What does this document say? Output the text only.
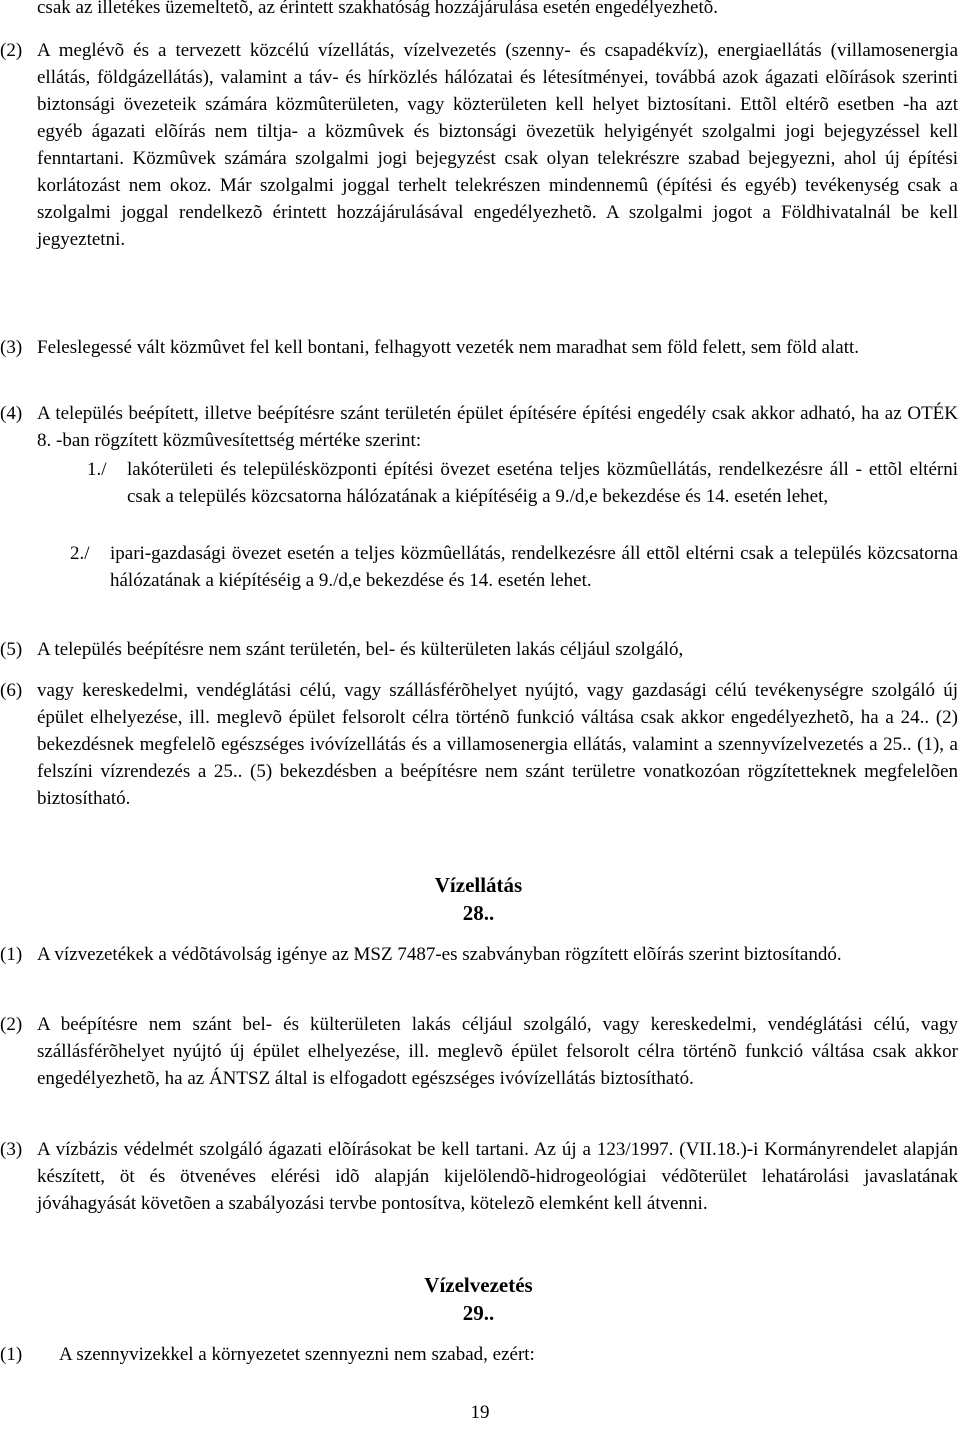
csak az illetékes üzemeltetõ, az érintett szakhatóság hozzájárulása esetén engedélyezhetõ.

(2) A meglévõ és a tervezett közcélú vízellátás, vízelvezetés (szenny- és csapadékvíz), energiaellátás (villamosenergia ellátás, földgázellátás), valamint a táv- és hírközlés hálózatai és létesítményei, továbbá azok ágazati elõírások szerinti biztonsági övezeteik számára közmûterületen, vagy közterületen kell helyet biztosítani. Ettõl eltérõ esetben -ha azt egyéb ágazati elõírás nem tiltja- a közmûvek és biztonsági övezetük helyigényét szolgalmi jogi bejegyzéssel kell fenntartani. Közmûvek számára szolgalmi jogi bejegyzést csak olyan telekrészre szabad bejegyezni, ahol új építési korlátozást nem okoz. Már szolgalmi joggal terhelt telekrészen mindennemû (építési és egyéb) tevékenység csak a szolgalmi joggal rendelkezõ érintett hozzájárulásával engedélyezhetõ. A szolgalmi jogot a Földhivatalnál be kell jegyeztetni.

(3) Feleslegessé vált közmûvet fel kell bontani, felhagyott vezeték nem maradhat sem föld felett, sem föld alatt.

(4) A település beépített, illetve beépítésre szánt területén épület építésére építési engedély csak akkor adható, ha az OTÉK 8. -ban rögzített közmûvesítettség mértéke szerint:

1./ lakóterületi és településközponti építési övezet eseténa teljes közmûellátás, rendelkezésre áll - ettõl eltérni csak a település közcsatorna hálózatának a kiépítéséig a 9./d,e bekezdése és 14. esetén lehet,

2./ ipari-gazdasági övezet esetén a teljes közmûellátás, rendelkezésre áll ettõl eltérni csak a település közcsatorna hálózatának a kiépítéséig a 9./d,e bekezdése és 14. esetén lehet.

(5) A település beépítésre nem szánt területén, bel- és külterületen lakás céljául szolgáló,

(6) vagy kereskedelmi, vendéglátási célú, vagy szállásférõhelyet nyújtó, vagy gazdasági célú tevékenységre szolgáló új épület elhelyezése, ill. meglevõ épület felsorolt célra történõ funkció váltása csak akkor engedélyezhetõ, ha a 24.. (2) bekezdésnek megfelelõ egészséges ivóvízellátás és a villamosenergia ellátás, valamint a szennyvízelvezetés a 25.. (1), a felszíni vízrendezés a 25.. (5) bekezdésben a beépítésre nem szánt területre vonatkozóan rögzítetteknek megfelelõen biztosítható.

Vízellátás

28..

(1) A vízvezetékek a védõtávolság igénye az MSZ 7487-es szabványban rögzített elõírás szerint biztosítandó.

(2) A beépítésre nem szánt bel- és külterületen lakás céljául szolgáló, vagy kereskedelmi, vendéglátási célú, vagy szállásférõhelyet nyújtó új épület elhelyezése, ill. meglevõ épület felsorolt célra történõ funkció váltása csak akkor engedélyezhetõ, ha az ÁNTSZ által is elfogadott egészséges ivóvízellátás biztosítható.

(3) A vízbázis védelmét szolgáló ágazati elõírásokat be kell tartani. Az új a 123/1997. (VII.18.)-i Kormányrendelet alapján készített, öt és ötvenéves elérési idõ alapján kijelölendõ-hidrogeológiai védõterület lehatárolási javaslatának jóváhagyását követõen a szabályozási tervbe pontosítva, kötelezõ elemként kell átvenni.

Vízelvezetés

29..

(1) A szennyvizekkel a környezetet szennyezni nem szabad, ezért:

19
